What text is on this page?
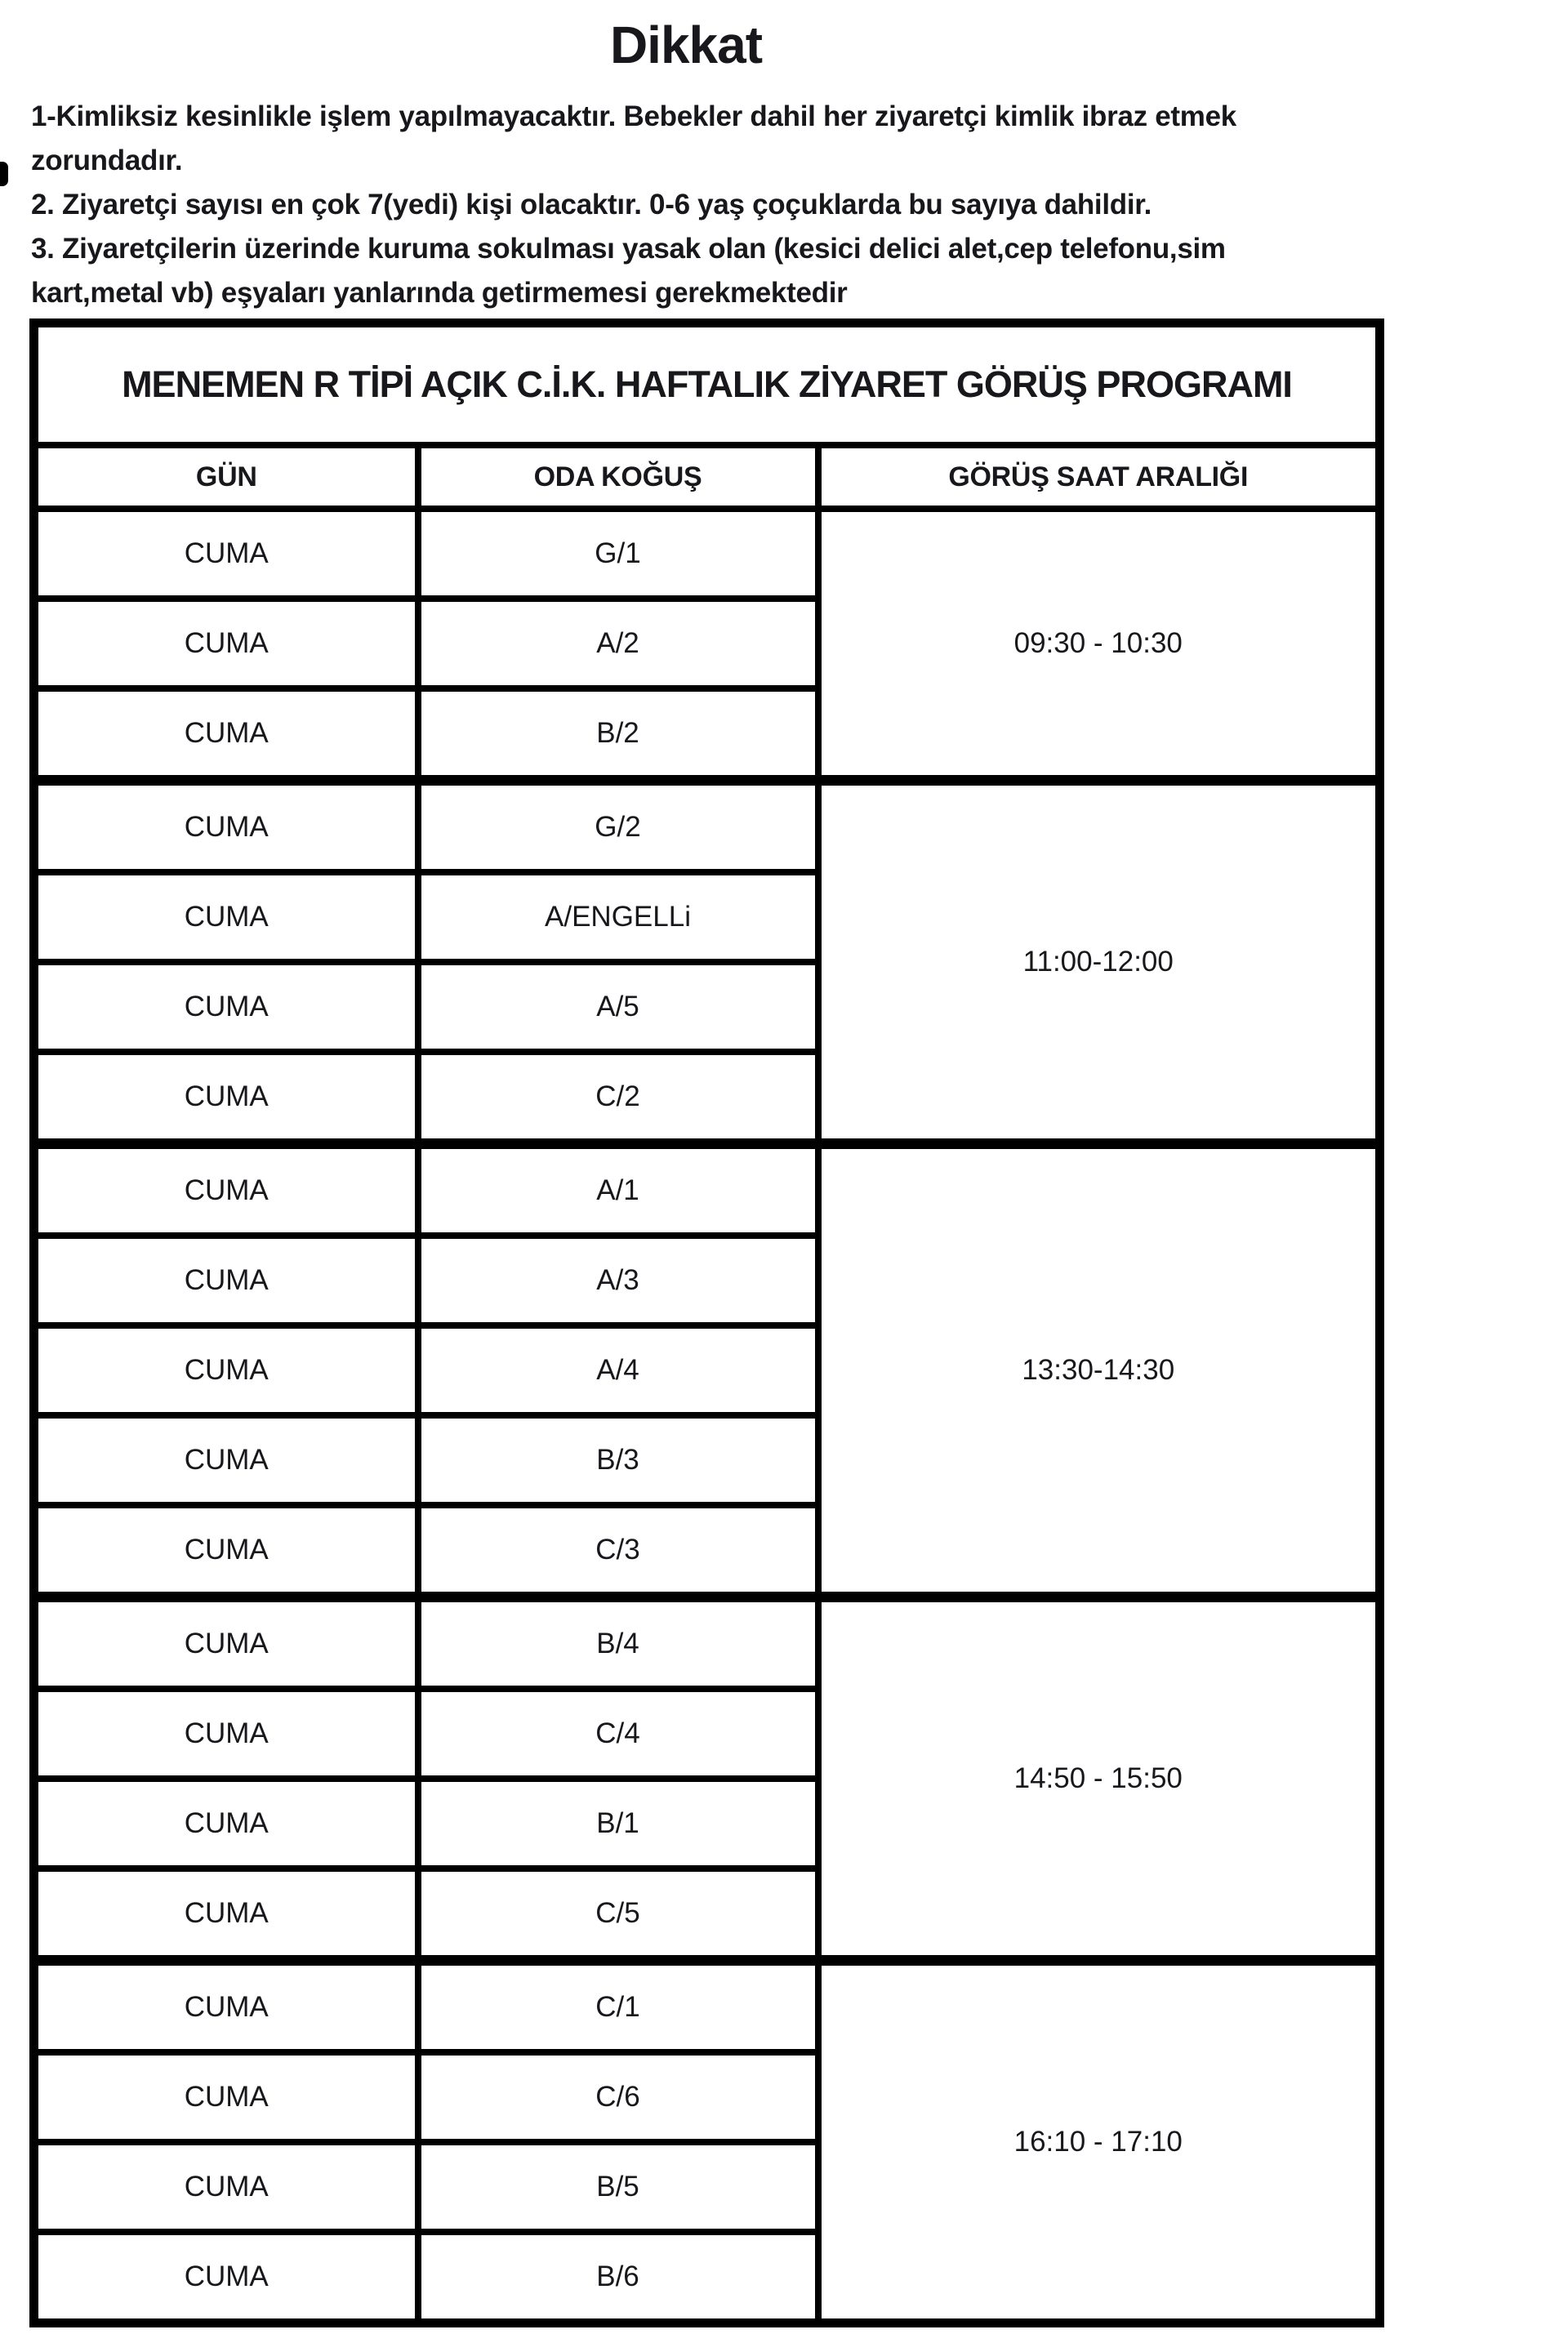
Dikkat
1-Kimliksiz kesinlikle işlem yapılmayacaktır. Bebekler dahil her ziyaretçi kimlik ibraz etmek
zorundadır.
2. Ziyaretçi sayısı en çok 7(yedi) kişi olacaktır. 0-6 yaş çoçuklarda bu sayıya dahildir.
3. Ziyaretçilerin üzerinde kuruma sokulması yasak olan (kesici delici alet,cep telefonu,sim
kart,metal vb) eşyaları yanlarında getirmemesi gerekmektedir
MENEMEN R TİPİ AÇIK C.İ.K. HAFTALIK ZİYARET GÖRÜŞ PROGRAMI		
GÜN	ODA KOĞUŞ	GÖRÜŞ SAAT ARALIĞI
CUMA	G/1	09:30 - 10:30
CUMA	A/2	
CUMA	B/2	
CUMA	G/2	11:00-12:00
CUMA	A/ENGELLi	
CUMA	A/5	
CUMA	C/2	
CUMA	A/1	13:30-14:30
CUMA	A/3	
CUMA	A/4	
CUMA	B/3	
CUMA	C/3	
CUMA	B/4	14:50 - 15:50
CUMA	C/4	
CUMA	B/1	
CUMA	C/5	
CUMA	C/1	16:10 - 17:10
CUMA	C/6	
CUMA	B/5	
CUMA	B/6	
